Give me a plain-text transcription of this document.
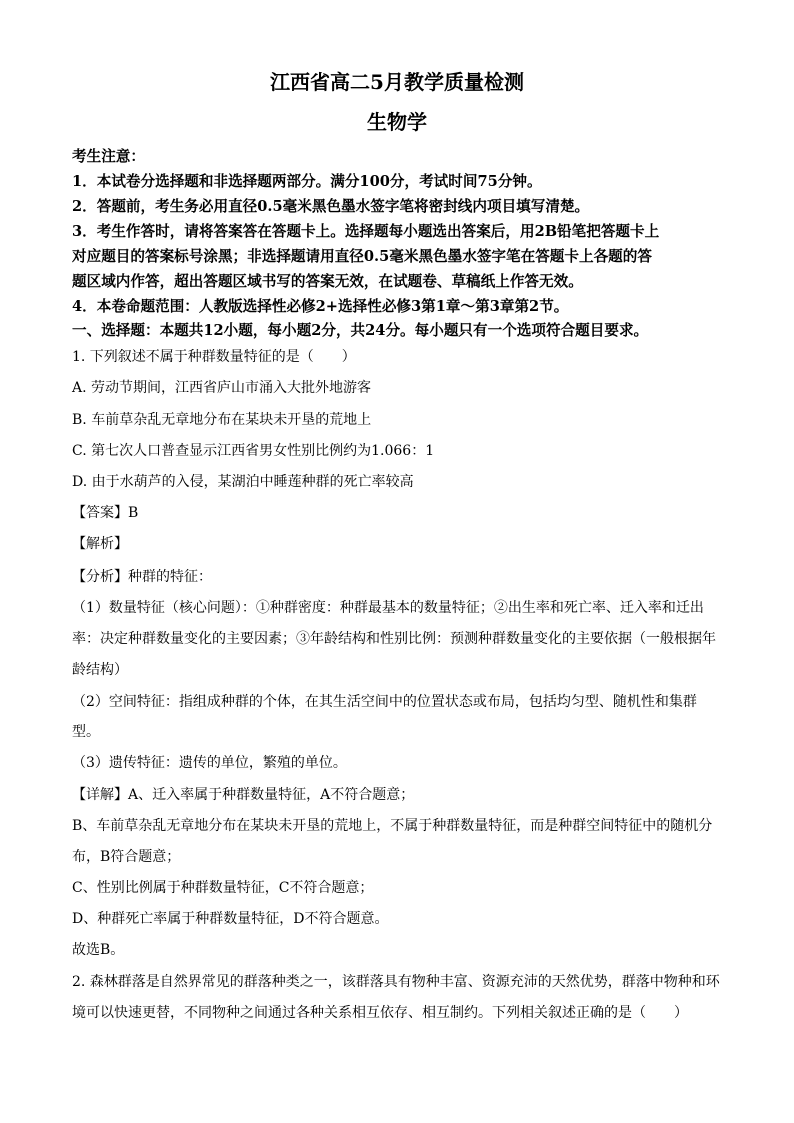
江西省高二5月教学质量检测
生物学
考生注意：
1．本试卷分选择题和非选择题两部分。满分100分，考试时间75分钟。
2．答题前，考生务必用直径0.5毫米黑色墨水签字笔将密封线内项目填写清楚。
3．考生作答时，请将答案答在答题卡上。选择题每小题选出答案后，用2B铅笔把答题卡上
对应题目的答案标号涂黑；非选择题请用直径0.5毫米黑色墨水签字笔在答题卡上各题的答
题区域内作答，超出答题区域书写的答案无效，在试题卷、草稿纸上作答无效。
4．本卷命题范围：人教版选择性必修2+选择性必修3第1章～第3章第2节。
一、选择题：本题共12小题，每小题2分，共24分。每小题只有一个选项符合题目要求。
1. 下列叙述不属于种群数量特征的是（　　）
A. 劳动节期间，江西省庐山市涌入大批外地游客
B. 车前草杂乱无章地分布在某块未开垦的荒地上
C. 第七次人口普查显示江西省男女性别比例约为1.066：1
D. 由于水葫芦的入侵，某湖泊中睡莲种群的死亡率较高
【答案】B
【解析】
【分析】种群的特征：
（1）数量特征（核心问题）：①种群密度：种群最基本的数量特征；②出生率和死亡率、迁入率和迁出
率：决定种群数量变化的主要因素；③年龄结构和性别比例：预测种群数量变化的主要依据（一般根据年
龄结构）
（2）空间特征：指组成种群的个体，在其生活空间中的位置状态或布局，包括均匀型、随机性和集群
型。
（3）遗传特征：遗传的单位，繁殖的单位。
【详解】A、迁入率属于种群数量特征，A不符合题意；
B、车前草杂乱无章地分布在某块未开垦的荒地上，不属于种群数量特征，而是种群空间特征中的随机分
布，B符合题意；
C、性别比例属于种群数量特征，C不符合题意；
D、种群死亡率属于种群数量特征，D不符合题意。
故选B。
2. 森林群落是自然界常见的群落种类之一，该群落具有物种丰富、资源充沛的天然优势，群落中物种和环
境可以快速更替，不同物种之间通过各种关系相互依存、相互制约。下列相关叙述正确的是（　　）
